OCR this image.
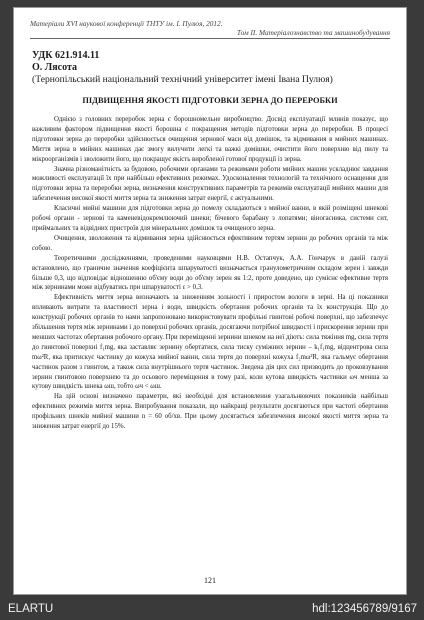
Матеріали XVI наукової конференції ТНТУ ім. І. Пулюя, 2012.
Том II. Матеріалознавство та машинобудування
УДК 621.914.11
О. Лясота
(Тернопільський національний технічний університет імені Івана Пулюя)
ПІДВИЩЕННЯ ЯКОСТІ ПІДГОТОВКИ ЗЕРНА ДО ПЕРЕРОБКИ

Однією з головних переробок зерна є борошномельне виробництво. Досвід експлуатації млинів показує, що важливим фактором підвищення якості борошна є покращення методів підготовки зерна до переробки. В процесі підготовки зерна до переробки здійснюється очищення зернової маси від домішок, та відмивання в мийних машинах. Миття зерна в мийних машинах дає змогу вилучити легкі та важкі домішки, очистити його поверхню від пилу та мікроорганізмів і зволожити його, що покращує якість виробленої готової продукції із зерна.

Значна різноманітність за будовою, робочими органами та режимами роботи мийних машин ускладнює завдання можливості експлуатації їх при найбільш ефективних режимах. Удосконалення технологій та технічного оснащення для підготовки зерна та переробки зерна, визначення конструктивних параметрів та режимів експлуатації мийних машин для забезпечення високої якості миття зерна та зниження затрат енергії, є актуальними.

Класичні мийні машини для підготовки зерна до помелу складаються з мийної ванни, в якій розміщені шнекові робочі органи - зернові та каменевідокремлюючий шнеки; бічевого барабану з лопатями; віногасника, системи сит, приймальних та відвідних пристроїв для мінеральних домішок та очищеного зерна.

Очищення, зволоження та відмивання зерна здійснюється ефективним тертям зернин до робочих органів та між собою.

Теоретичними дослідженнями, проведеними науковцями Н.В. Остапчук, А.А. Гончарук в даній галузі встановлено, що граничне значення коефіцієнта шпаруватості визначається гранулометричним складом зерен і завжди більше 0,3, що відповідає відношенню об'єму води до об'єму зерен як 1:2, проте доведено, що суміснє ефективне тертя між зернинами може відбуватись при шпаруватості ε > 0,3.

Ефективність миття зерна визначають за зниженням зольності і приростом вологи в зерні. На ці показники впливають витрати та властивості зерна і води, швидкість обертання робочих органів та їх конструкція. Що до конструкції робочих органів то нами запропоновано використовувати профільні гвинтові робочі поверхні, що забезпечує збільшення тертя між зернинами і до поверхні робочих органів, досягаючи потрібної швидкості і прискорення зернин при менших частотах обертання робочого органу. При переміщенні зернини шнеком на неї діють: сила тяжіння mg, сила тертя до гвинтової поверхні f₁mg, яка заставляє зернину обертатися, сила тиску суміжних зернин – k₁f₁mg, відцентрова сила mω²R, яка притискує частинку до кожуха мийної ванни, сила тертя до поверхні кожуха f₂mω²R, яка гальмує обертання частинок разом з гвинтом, а також сила внутрішнього тертя частинок. Зведена дія цих сил призводить до проковзування зернин гвинтовою поверхнею та до осьового переміщення в тому разі, коли кутова швидкість частинки ωч менша за кутову швидкість шнека ωш, тобто ωч < ωш.

На цій основі визначено параметри, які необхідні для встановлення узагальнюючих показників найбільш ефективних режимів миття зерна. Випробування показали, що найкращі результати досягаються при частоті обертання профільних шнеків мийної машини n = 60 об/хв. При цьому досягається забезпечення високої якості миття зерна та зниження затрат енергії до 15%.

121
ELARTU	hdl:123456789/9167
